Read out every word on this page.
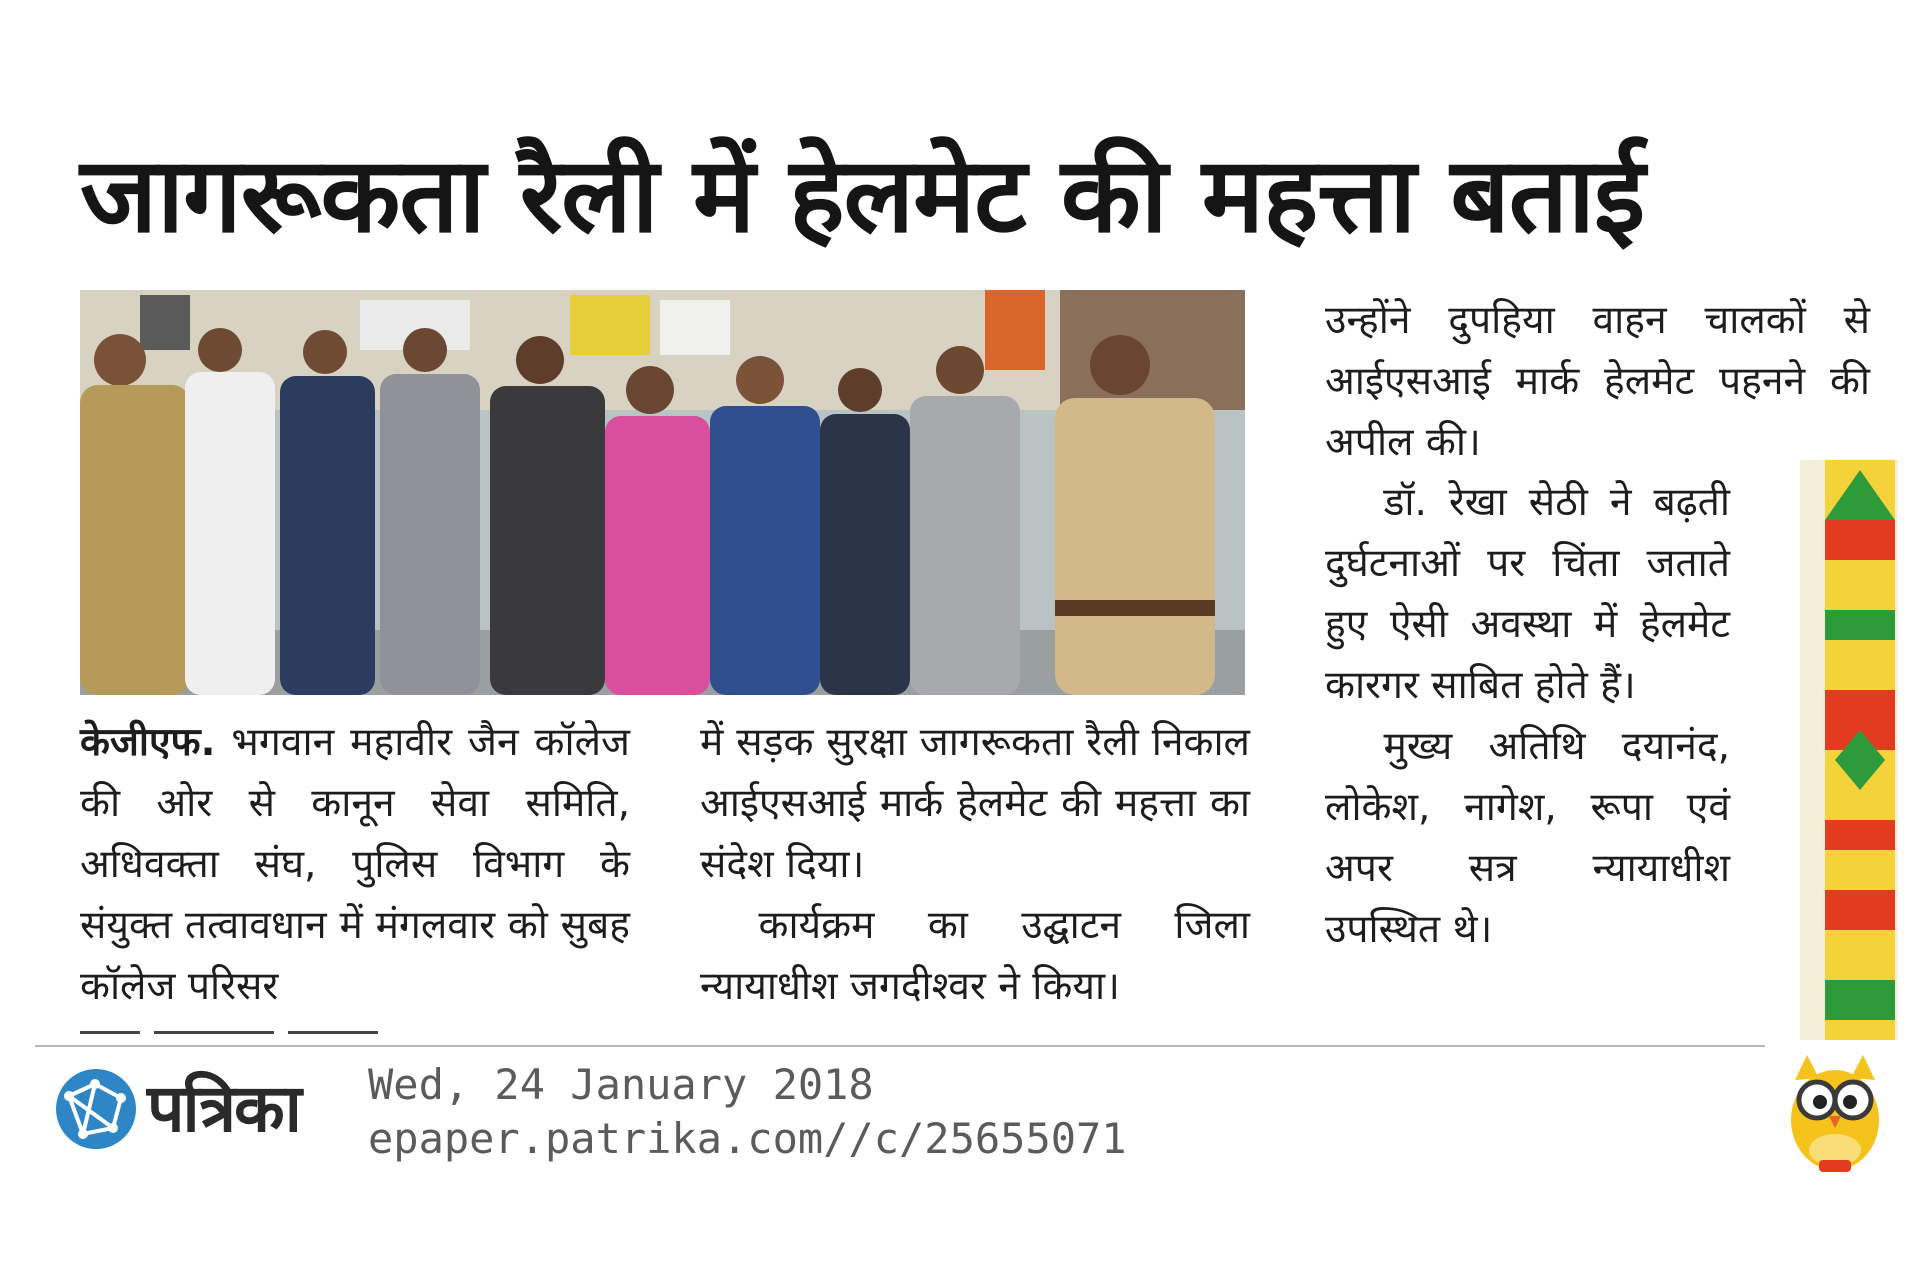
जागरूकता रैली में हेलमेट की महत्ता बताई

केजीएफ. भगवान महावीर जैन कॉलेज की ओर से कानून सेवा समिति, अधिवक्ता संघ, पुलिस विभाग के संयुक्त तत्वावधान में मंगलवार को सुबह कॉलेज परिसर

में सड़क सुरक्षा जागरूकता रैली निकाल आईएसआई मार्क हेलमेट की महत्ता का संदेश दिया।

कार्यक्रम का उद्घाटन जिला न्यायाधीश जगदीश्वर ने किया।

उन्होंने दुपहिया वाहन चालकों से आईएसआई मार्क हेलमेट पहनने की अपील की।

डॉ. रेखा सेठी ने बढ़ती दुर्घटनाओं पर चिंता जताते हुए ऐसी अवस्था में हेलमेट कारगर साबित होते हैं।

मुख्य अतिथि दयानंद, लोकेश, नागेश, रूपा एवं अपर सत्र न्यायाधीश उपस्थित थे।

पत्रिका Wed, 24 January 2018
epaper.patrika.com//c/25655071
